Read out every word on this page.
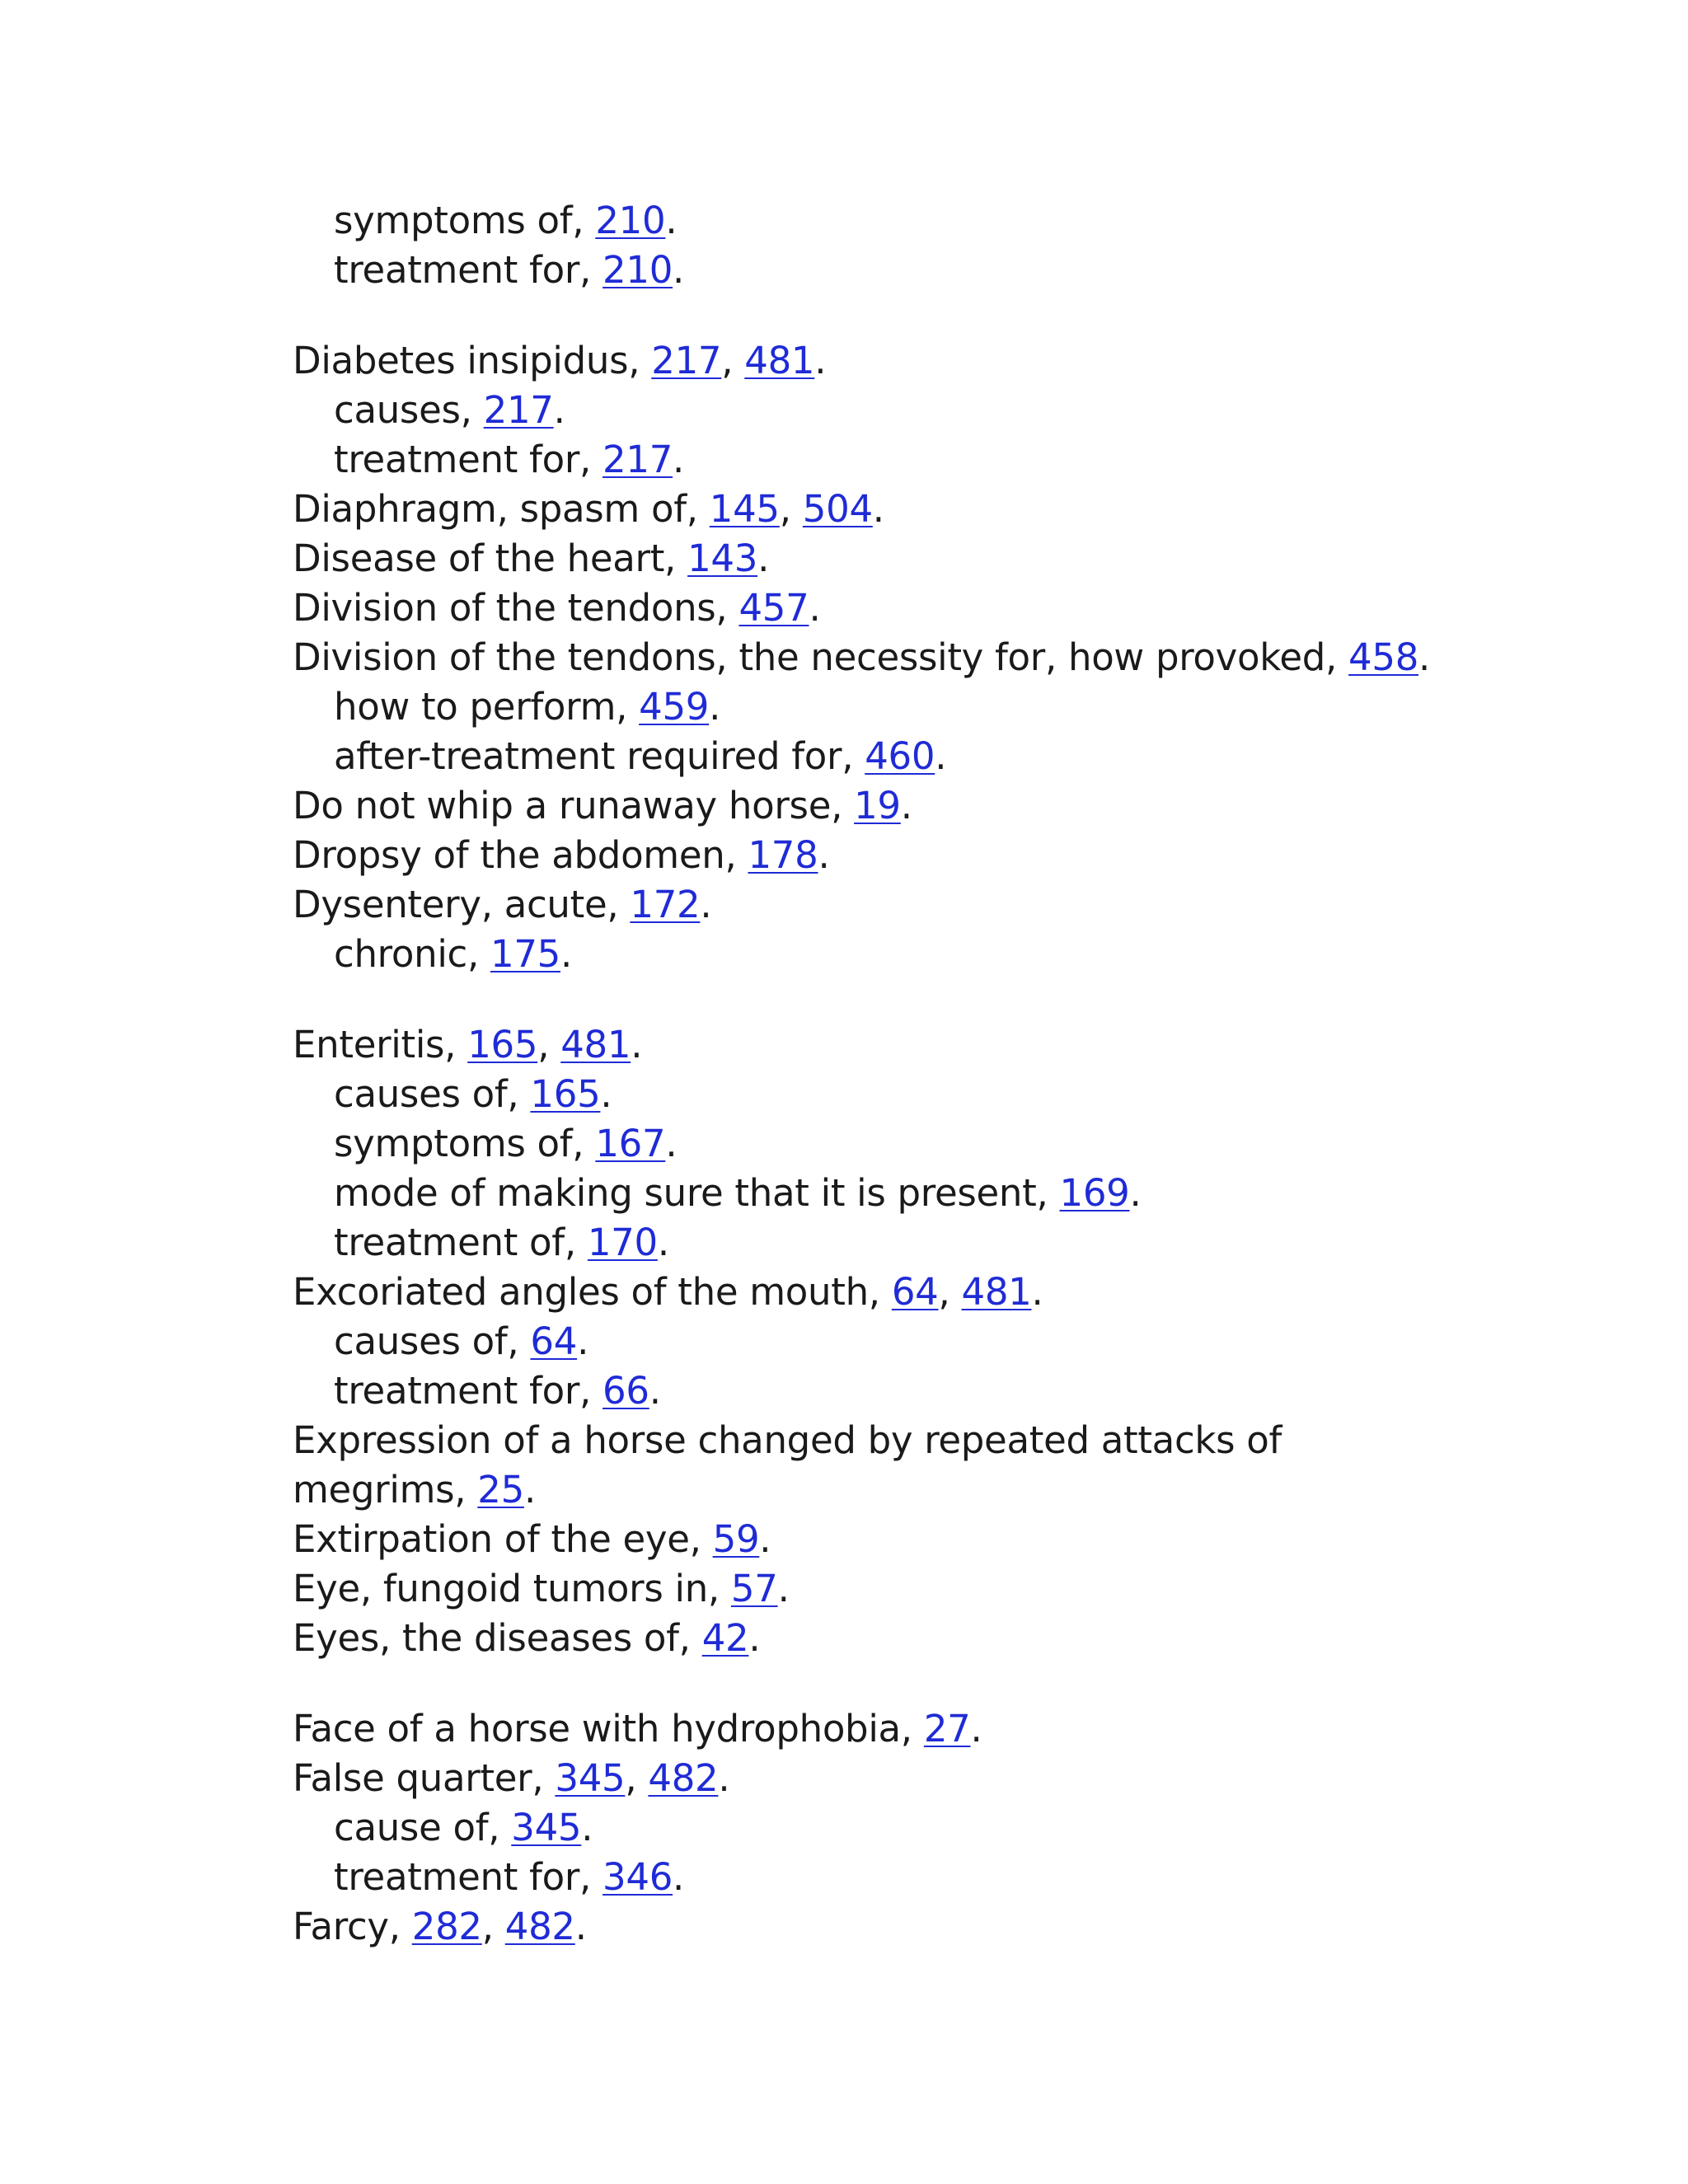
symptoms of, 210.
treatment for, 210.
Diabetes insipidus, 217, 481.
causes, 217.
treatment for, 217.
Diaphragm, spasm of, 145, 504.
Disease of the heart, 143.
Division of the tendons, 457.
Division of the tendons, the necessity for, how provoked, 458.
how to perform, 459.
after-treatment required for, 460.
Do not whip a runaway horse, 19.
Dropsy of the abdomen, 178.
Dysentery, acute, 172.
chronic, 175.
Enteritis, 165, 481.
causes of, 165.
symptoms of, 167.
mode of making sure that it is present, 169.
treatment of, 170.
Excoriated angles of the mouth, 64, 481.
causes of, 64.
treatment for, 66.
Expression of a horse changed by repeated attacks of megrims, 25.
Extirpation of the eye, 59.
Eye, fungoid tumors in, 57.
Eyes, the diseases of, 42.
Face of a horse with hydrophobia, 27.
False quarter, 345, 482.
cause of, 345.
treatment for, 346.
Farcy, 282, 482.
